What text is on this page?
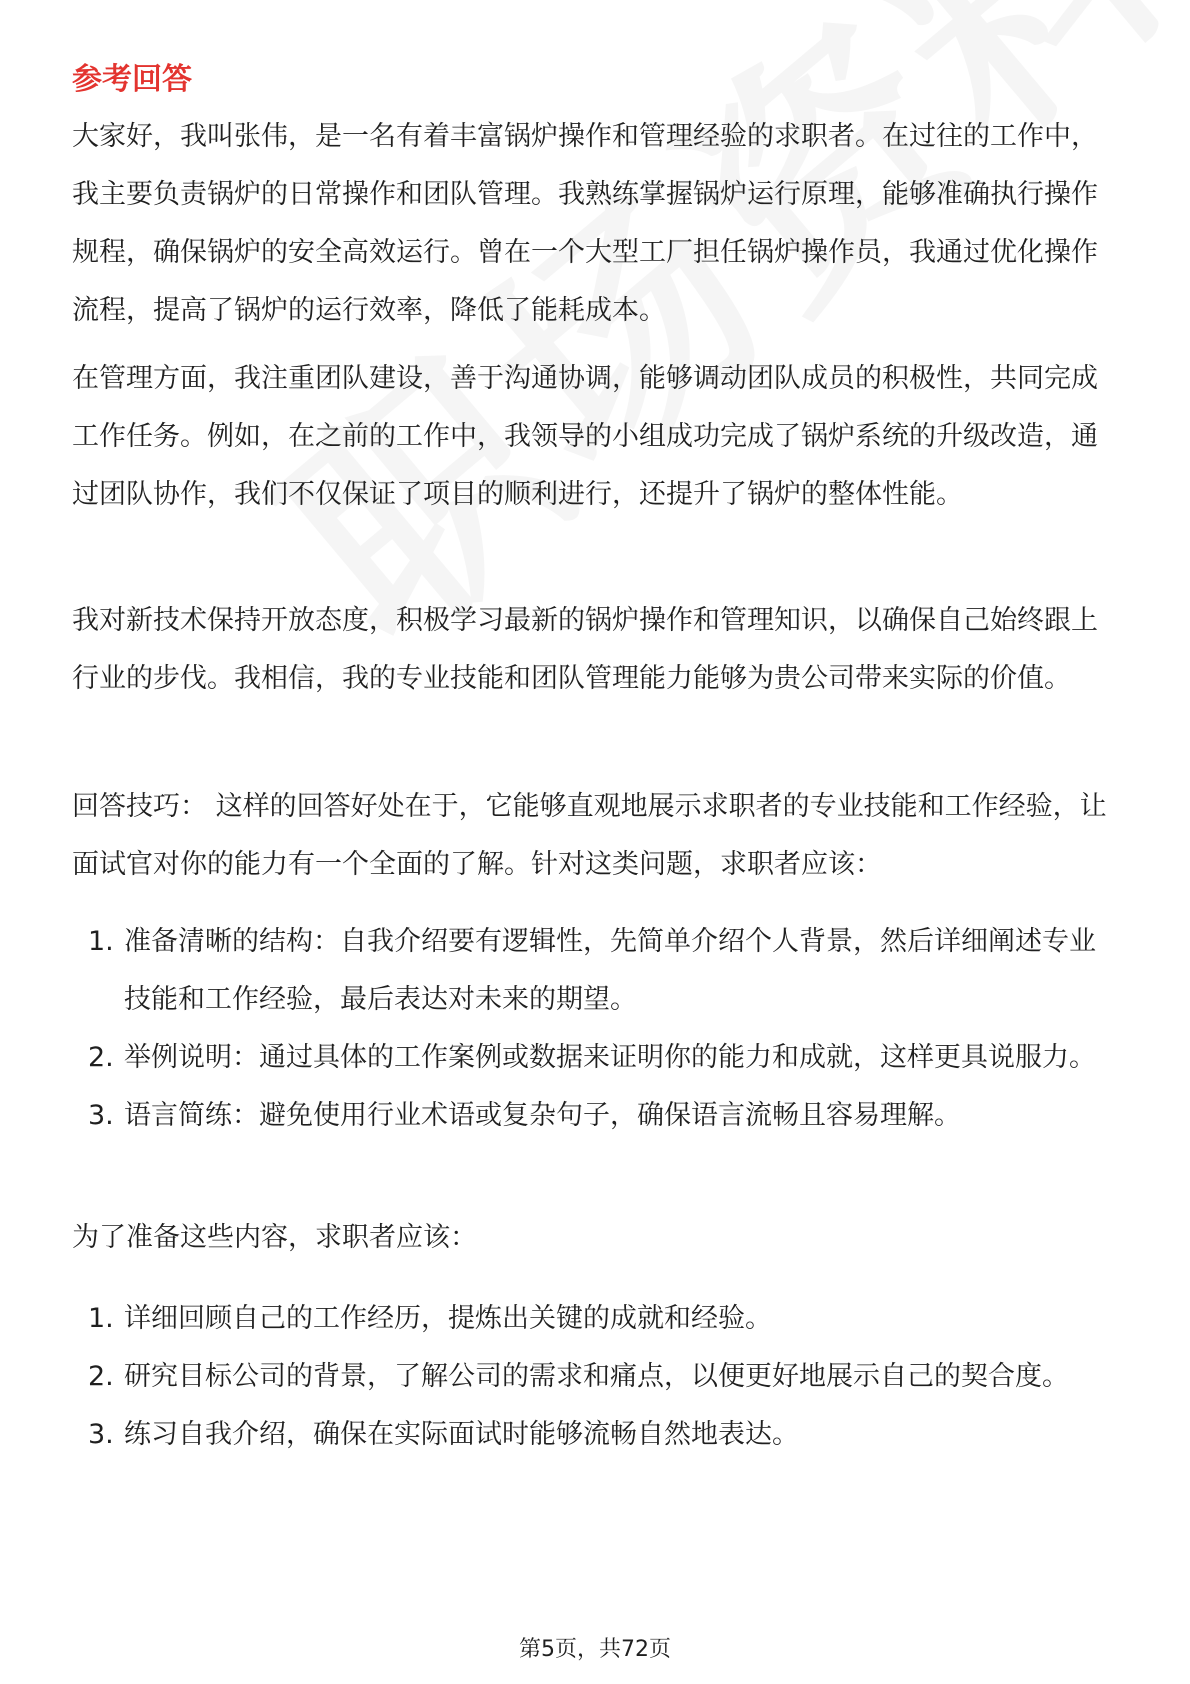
参考回答

大家好，我叫张伟，是一名有着丰富锅炉操作和管理经验的求职者。在过往的工作中，我主要负责锅炉的日常操作和团队管理。我熟练掌握锅炉运行原理，能够准确执行操作规程，确保锅炉的安全高效运行。曾在一个大型工厂担任锅炉操作员，我通过优化操作流程，提高了锅炉的运行效率，降低了能耗成本。

在管理方面，我注重团队建设，善于沟通协调，能够调动团队成员的积极性，共同完成工作任务。例如，在之前的工作中，我领导的小组成功完成了锅炉系统的升级改造，通过团队协作，我们不仅保证了项目的顺利进行，还提升了锅炉的整体性能。

我对新技术保持开放态度，积极学习最新的锅炉操作和管理知识，以确保自己始终跟上行业的步伐。我相信，我的专业技能和团队管理能力能够为贵公司带来实际的价值。

回答技巧： 这样的回答好处在于，它能够直观地展示求职者的专业技能和工作经验，让面试官对你的能力有一个全面的了解。针对这类问题，求职者应该：

1. 准备清晰的结构：自我介绍要有逻辑性，先简单介绍个人背景，然后详细阐述专业技能和工作经验，最后表达对未来的期望。
2. 举例说明：通过具体的工作案例或数据来证明你的能力和成就，这样更具说服力。
3. 语言简练：避免使用行业术语或复杂句子，确保语言流畅且容易理解。

为了准备这些内容，求职者应该：

1. 详细回顾自己的工作经历，提炼出关键的成就和经验。
2. 研究目标公司的背景，了解公司的需求和痛点，以便更好地展示自己的契合度。
3. 练习自我介绍，确保在实际面试时能够流畅自然地表达。
第5页，共72页
